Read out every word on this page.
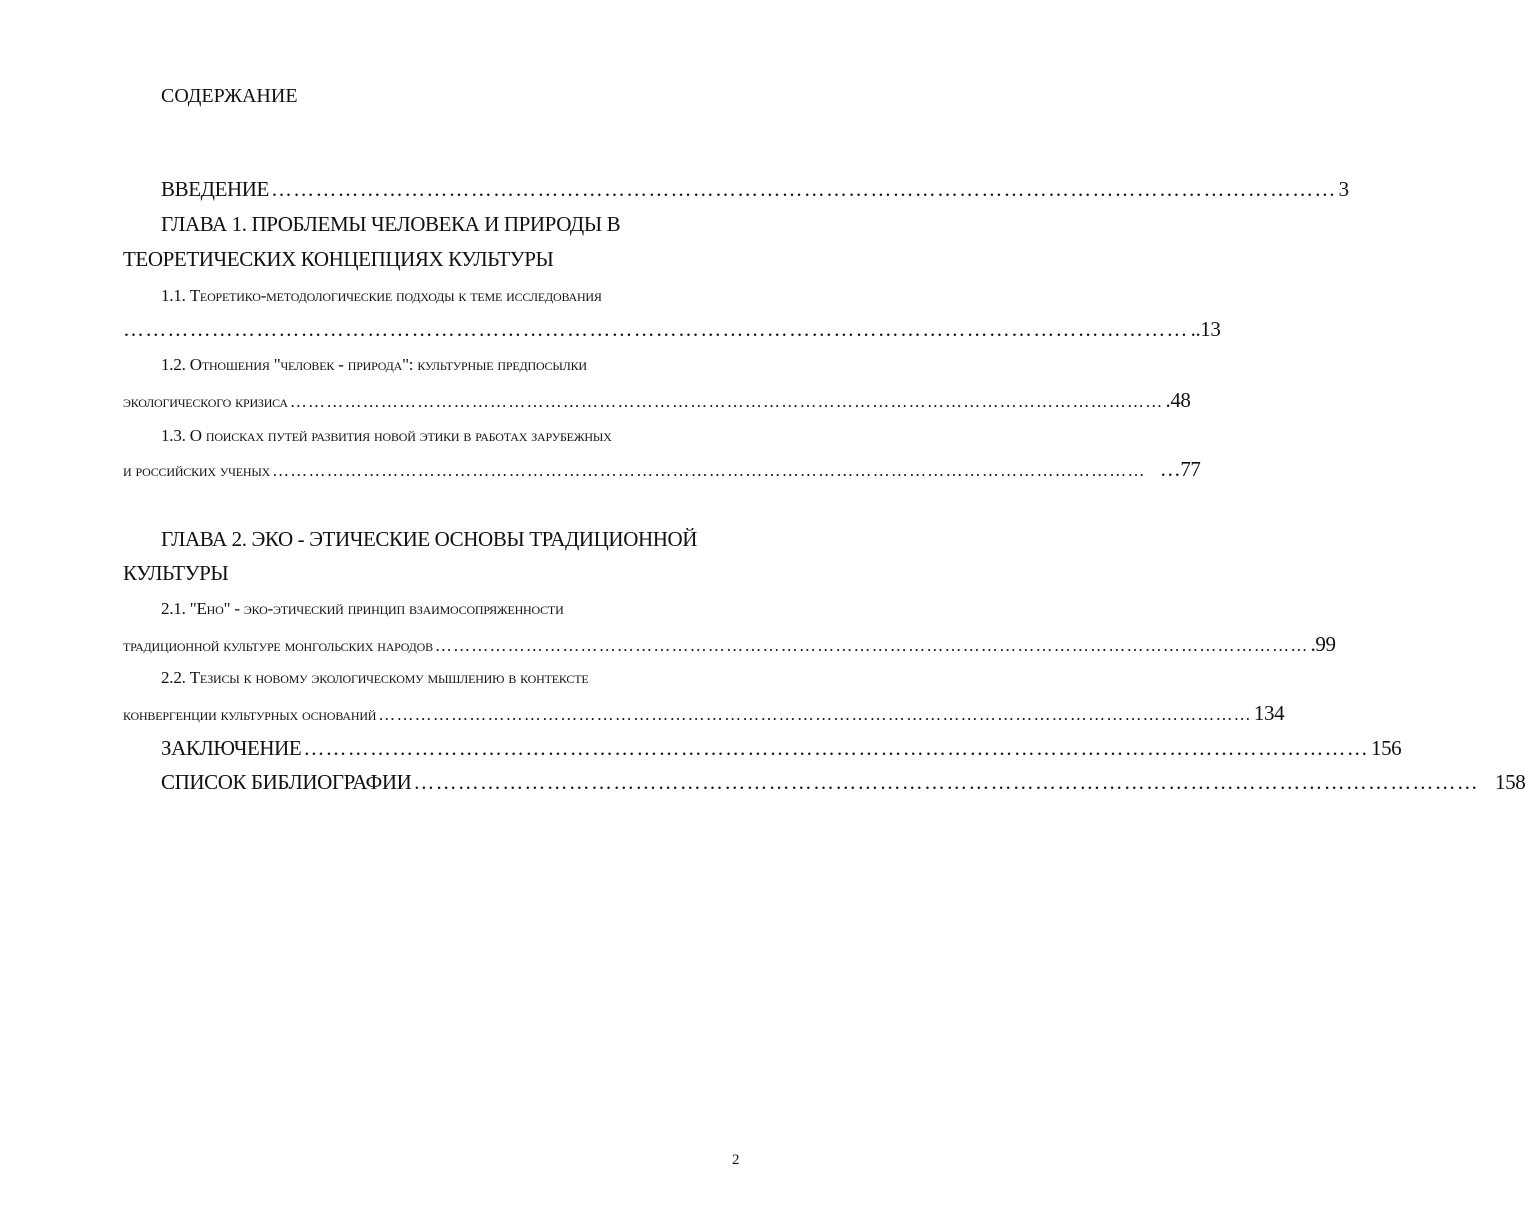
СОДЕРЖАНИЕ
ВВЕДЕНИЕ ……………………………………………………………………………………………………………………………… 3
ГЛАВА 1. ПРОБЛЕМЫ ЧЕЛОВЕКА И ПРИРОДЫ В
ТЕОРЕТИЧЕСКИХ КОНЦЕПЦИЯХ КУЛЬТУРЫ
1.1. Теоретико-методологические подходы к теме исследования
……………………………………………………………………………………………………………………………… ..13
1.2. Отношения "человек - природа": культурные предпосылки
экологического кризиса ……………………………………………………………………………………………………………………………… .48
1.3. О поисках путей развития новой этики в работах зарубежных
и российских ученых ……………………………………………………………………………………………………………………………… …77
ГЛАВА 2. ЭКО - ЭТИЧЕСКИЕ ОСНОВЫ ТРАДИЦИОННОЙ
КУЛЬТУРЫ
2.1. "Eho" - эко-этический принцип взаимосопряженности
традиционной культуре монгольских народов ……………………………………………………………………………………………………………………………… .99
2.2. Тезисы к новому экологическому мышлению в контексте
конвергенции культурных оснований ……………………………………………………………………………………………………………………………… 134
ЗАКЛЮЧЕНИЕ ……………………………………………………………………………………………………………………………… 156
СПИСОК БИБЛИОГРАФИИ ……………………………………………………………………………………………………………………………… 158
2
